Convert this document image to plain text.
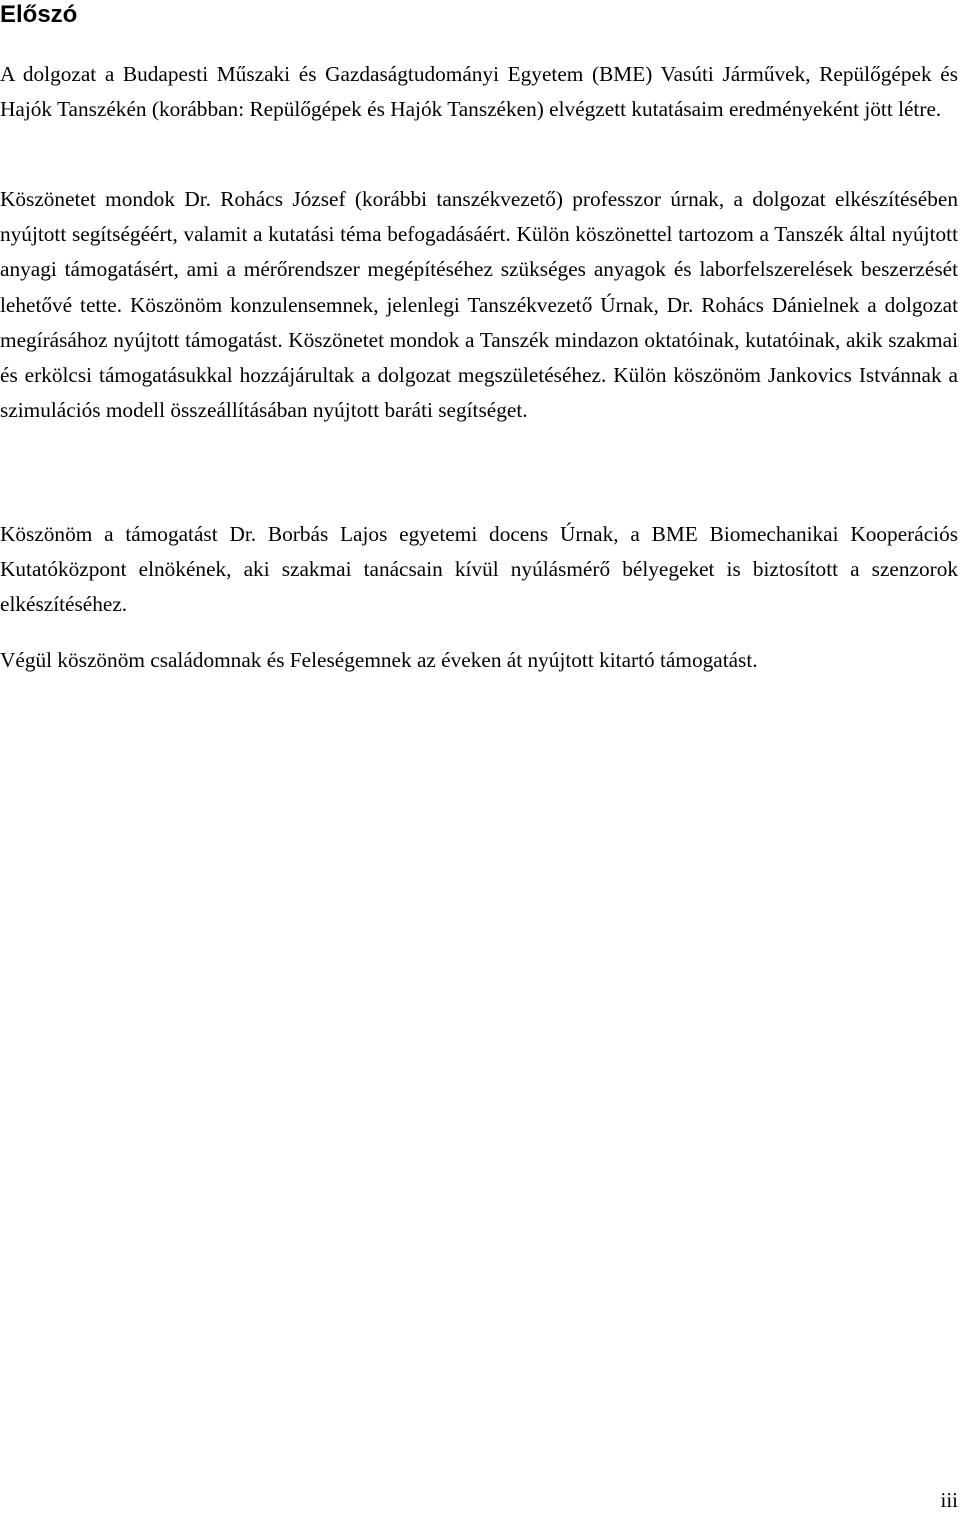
Előszó

A dolgozat a Budapesti Műszaki és Gazdaságtudományi Egyetem (BME) Vasúti Járművek, Repülőgépek és Hajók Tanszékén (korábban: Repülőgépek és Hajók Tanszéken) elvégzett kutatásaim eredményeként jött létre.

Köszönetet mondok Dr. Rohács József (korábbi tanszékvezető) professzor úrnak, a dolgozat elkészítésében nyújtott segítségéért, valamit a kutatási téma befogadásáért. Külön köszönettel tartozom a Tanszék által nyújtott anyagi támogatásért, ami a mérőrendszer megépítéséhez szükséges anyagok és laborfelszerelések beszerzését lehetővé tette. Köszönöm konzulensemnek, jelenlegi Tanszékvezető Úrnak, Dr. Rohács Dánielnek a dolgozat megírásához nyújtott támogatást. Köszönetet mondok a Tanszék mindazon oktatóinak, kutatóinak, akik szakmai és erkölcsi támogatásukkal hozzájárultak a dolgozat megszületéséhez. Külön köszönöm Jankovics Istvánnak a szimulációs modell összeállításában nyújtott baráti segítséget.

Köszönöm a támogatást Dr. Borbás Lajos egyetemi docens Úrnak, a BME Biomechanikai Kooperációs Kutatóközpont elnökének, aki szakmai tanácsain kívül nyúlásmérő bélyegeket is biztosított a szenzorok elkészítéséhez.

Végül köszönöm családomnak és Feleségemnek az éveken át nyújtott kitartó támogatást.

iii
